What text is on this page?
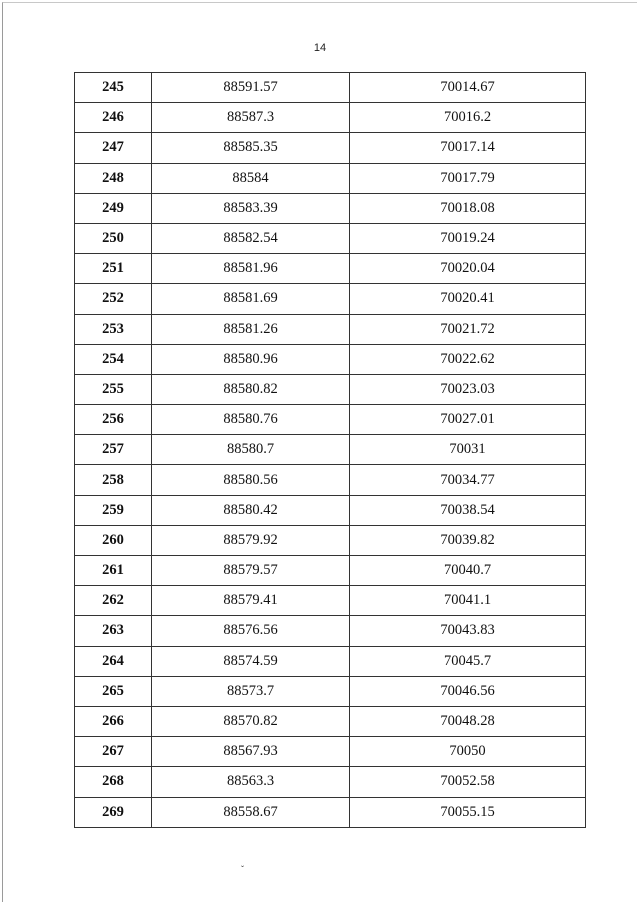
14
245	88591.57	70014.67
246	88587.3	70016.2
247	88585.35	70017.14
248	88584	70017.79
249	88583.39	70018.08
250	88582.54	70019.24
251	88581.96	70020.04
252	88581.69	70020.41
253	88581.26	70021.72
254	88580.96	70022.62
255	88580.82	70023.03
256	88580.76	70027.01
257	88580.7	70031
258	88580.56	70034.77
259	88580.42	70038.54
260	88579.92	70039.82
261	88579.57	70040.7
262	88579.41	70041.1
263	88576.56	70043.83
264	88574.59	70045.7
265	88573.7	70046.56
266	88570.82	70048.28
267	88567.93	70050
268	88563.3	70052.58
269	88558.67	70055.15
ˇ
